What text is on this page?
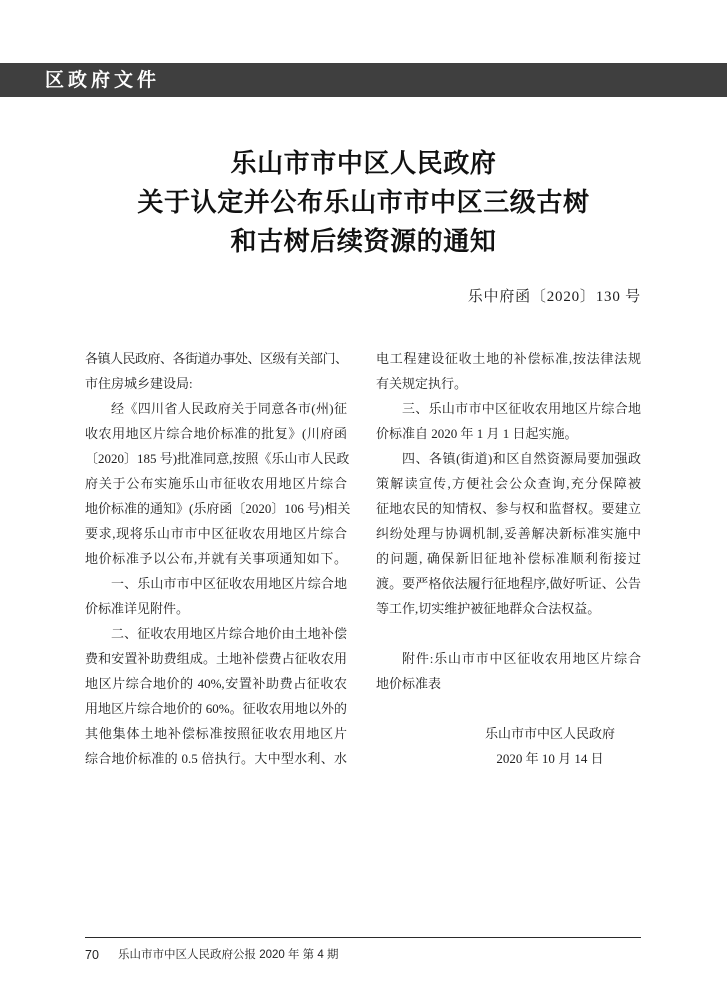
区政府文件
乐山市市中区人民政府
关于认定并公布乐山市市中区三级古树
和古树后续资源的通知
乐中府函〔2020〕130 号
各镇人民政府、各街道办事处、区级有关部门、
市住房城乡建设局:
经《四川省人民政府关于同意各市(州)征
收农用地区片综合地价标准的批复》(川府函
〔2020〕185 号)批准同意,按照《乐山市人民政
府关于公布实施乐山市征收农用地区片综合
地价标准的通知》(乐府函〔2020〕106 号)相关
要求,现将乐山市市中区征收农用地区片综合
地价标准予以公布,并就有关事项通知如下。
一、乐山市市中区征收农用地区片综合地
价标准详见附件。
二、征收农用地区片综合地价由土地补偿
费和安置补助费组成。土地补偿费占征收农用
地区片综合地价的 40%,安置补助费占征收农
用地区片综合地价的 60%。征收农用地以外的
其他集体土地补偿标准按照征收农用地区片
综合地价标准的 0.5 倍执行。大中型水利、水
电工程建设征收土地的补偿标准,按法律法规
有关规定执行。
三、乐山市市中区征收农用地区片综合地
价标准自 2020 年 1 月 1 日起实施。
四、各镇(街道)和区自然资源局要加强政
策解读宣传,方便社会公众查询,充分保障被
征地农民的知情权、参与权和监督权。要建立
纠纷处理与协调机制,妥善解决新标准实施中
的问题, 确保新旧征地补偿标准顺利衔接过
渡。要严格依法履行征地程序,做好听证、公告
等工作,切实维护被征地群众合法权益。
附件:乐山市市中区征收农用地区片综合
地价标准表
乐山市市中区人民政府
2020 年 10 月 14 日
70 乐山市市中区人民政府公报 2020 年 第 4 期
